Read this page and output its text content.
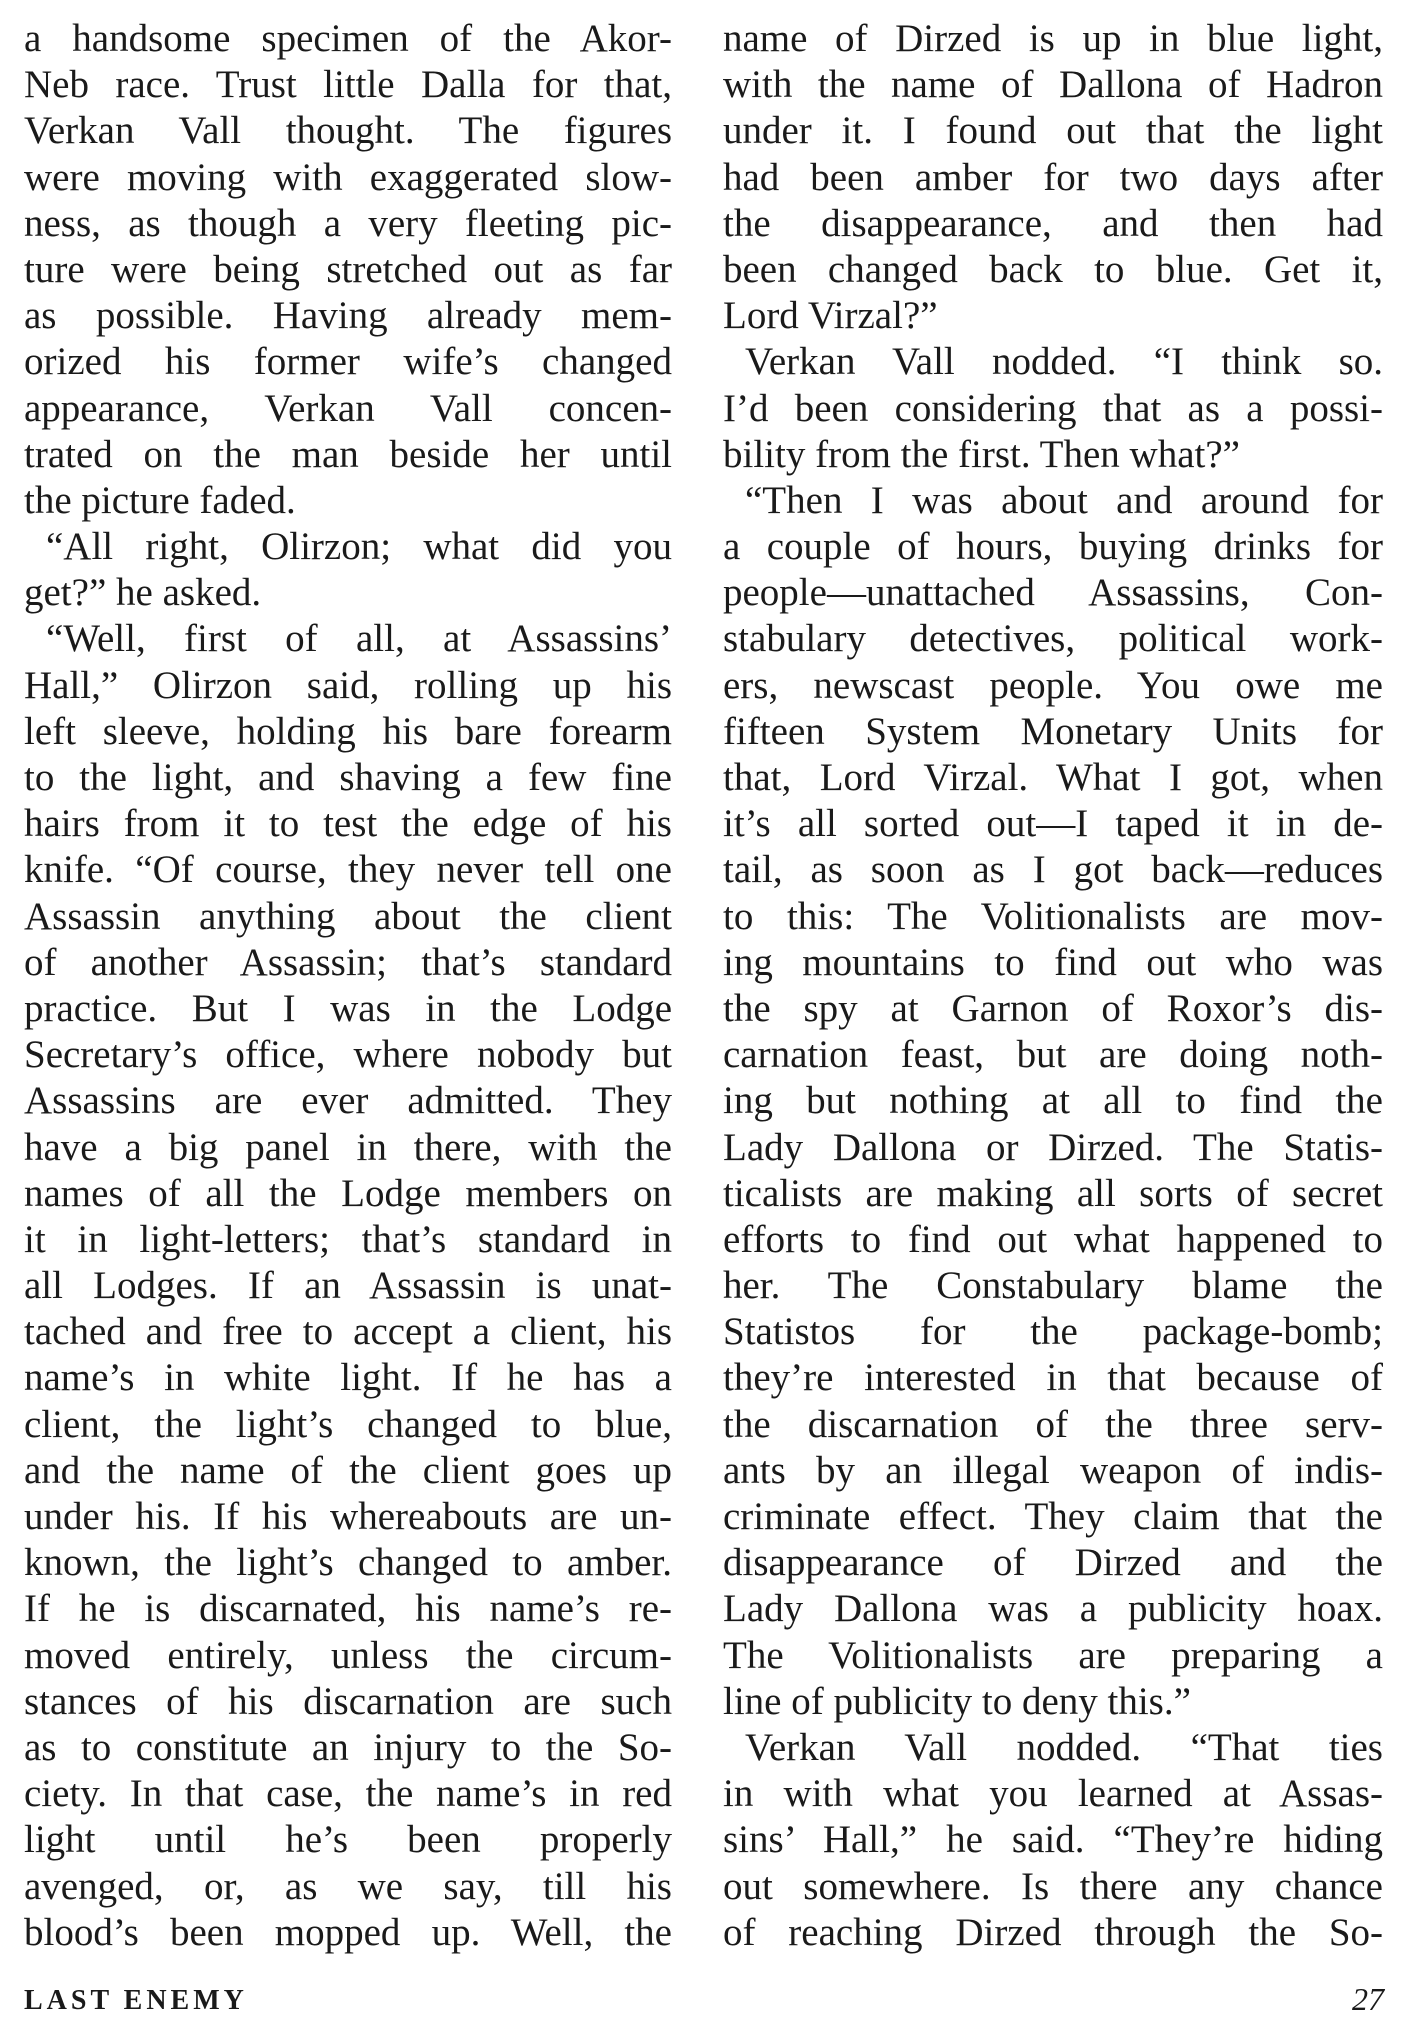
a handsome specimen of the Akor-
Neb race. Trust little Dalla for that,
Verkan Vall thought. The figures
were moving with exaggerated slow-
ness, as though a very fleeting pic-
ture were being stretched out as far
as possible. Having already mem-
orized his former wife’s changed
appearance, Verkan Vall concen-
trated on the man beside her until
the picture faded.
“All right, Olirzon; what did you
get?” he asked.
“Well, first of all, at Assassins’
Hall,” Olirzon said, rolling up his
left sleeve, holding his bare forearm
to the light, and shaving a few fine
hairs from it to test the edge of his
knife. “Of course, they never tell one
Assassin anything about the client
of another Assassin; that’s standard
practice. But I was in the Lodge
Secretary’s office, where nobody but
Assassins are ever admitted. They
have a big panel in there, with the
names of all the Lodge members on
it in light-letters; that’s standard in
all Lodges. If an Assassin is unat-
tached and free to accept a client, his
name’s in white light. If he has a
client, the light’s changed to blue,
and the name of the client goes up
under his. If his whereabouts are un-
known, the light’s changed to amber.
If he is discarnated, his name’s re-
moved entirely, unless the circum-
stances of his discarnation are such
as to constitute an injury to the So-
ciety. In that case, the name’s in red
light until he’s been properly
avenged, or, as we say, till his
blood’s been mopped up. Well, the
name of Dirzed is up in blue light,
with the name of Dallona of Hadron
under it. I found out that the light
had been amber for two days after
the disappearance, and then had
been changed back to blue. Get it,
Lord Virzal?”
Verkan Vall nodded. “I think so.
I’d been considering that as a possi-
bility from the first. Then what?”
“Then I was about and around for
a couple of hours, buying drinks for
people—unattached Assassins, Con-
stabulary detectives, political work-
ers, newscast people. You owe me
fifteen System Monetary Units for
that, Lord Virzal. What I got, when
it’s all sorted out—I taped it in de-
tail, as soon as I got back—reduces
to this: The Volitionalists are mov-
ing mountains to find out who was
the spy at Garnon of Roxor’s dis-
carnation feast, but are doing noth-
ing but nothing at all to find the
Lady Dallona or Dirzed. The Statis-
ticalists are making all sorts of secret
efforts to find out what happened to
her. The Constabulary blame the
Statistos for the package-bomb;
they’re interested in that because of
the discarnation of the three serv-
ants by an illegal weapon of indis-
criminate effect. They claim that the
disappearance of Dirzed and the
Lady Dallona was a publicity hoax.
The Volitionalists are preparing a
line of publicity to deny this.”
Verkan Vall nodded. “That ties
in with what you learned at Assas-
sins’ Hall,” he said. “They’re hiding
out somewhere. Is there any chance
of reaching Dirzed through the So-
LAST ENEMY	27
